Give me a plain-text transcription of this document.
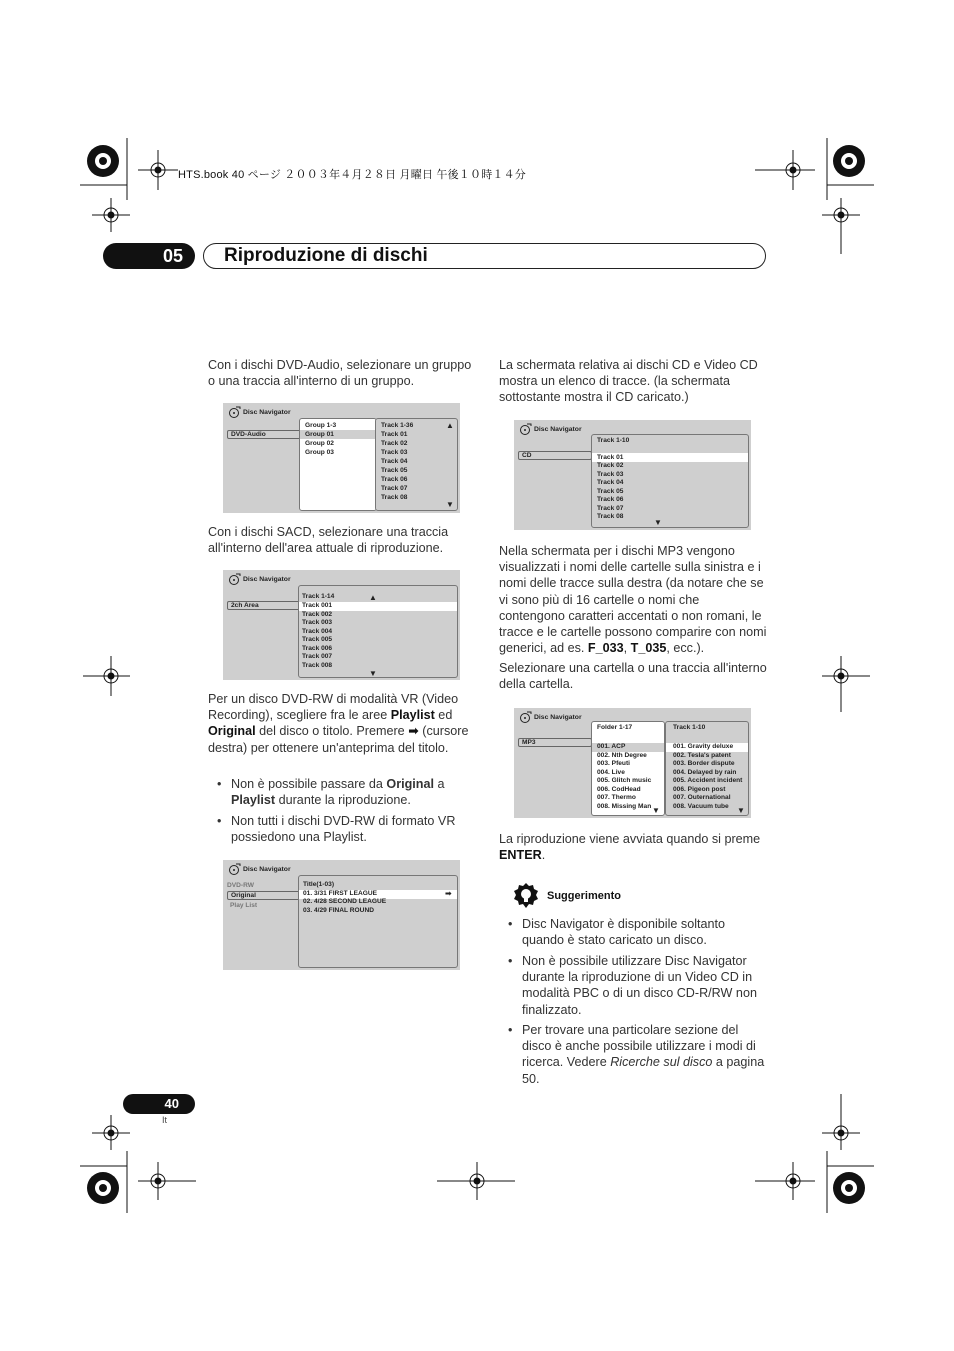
HTS.book 40 ページ ２００３年４月２８日 月曜日 午後１０時１４分
05	Riproduzione di dischi
Con i dischi DVD-Audio, selezionare un gruppo o una traccia all'interno di un gruppo.
Disc Navigator
DVD-Audio
Group 1-3
Group 01
Group 02
Group 03
Track 1-36	▲
Track 01
Track 02
Track 03
Track 04
Track 05
Track 06
Track 07
Track 08
▼
Con i dischi SACD, selezionare una traccia all'interno dell'area attuale di riproduzione.
Disc Navigator
2ch Area
Track 1-14	▲
Track 001
Track 002
Track 003
Track 004
Track 005
Track 006
Track 007
Track 008
▼
Per un disco DVD-RW di modalità VR (Video Recording), scegliere fra le aree Playlist ed Original del disco o titolo. Premere ➡ (cursore destra) per ottenere un'anteprima del titolo.
• Non è possibile passare da Original a Playlist durante la riproduzione.
• Non tutti i dischi DVD-RW di formato VR possiedono una Playlist.
Disc Navigator
DVD-RW
Original
Play List
Title(1-03)
01. 3/31 FIRST LEAGUE	➡
02. 4/28 SECOND LEAGUE
03. 4/29 FINAL ROUND
La schermata relativa ai dischi CD e Video CD mostra un elenco di tracce. (la schermata sottostante mostra il CD caricato.)
Disc Navigator
CD
Track 1-10
Track 01
Track 02
Track 03
Track 04
Track 05
Track 06
Track 07
Track 08
▼
Nella schermata per i dischi MP3 vengono visualizzati i nomi delle cartelle sulla sinistra e i nomi delle tracce sulla destra (da notare che se vi sono più di 16 cartelle o nomi che contengono caratteri accentati o non romani, le tracce e le cartelle possono comparire con nomi generici, ad es. F_033, T_035, ecc.).
Selezionare una cartella o una traccia all'interno della cartella.
Disc Navigator
MP3
Folder 1-17
001. ACP
002. Nth Degree
003. Pfeuti
004. Live
005. Glitch music
006. CodHead
007. Thermo
008. Missing Man ▼
Track 1-10
001. Gravity deluxe
002. Tesla's patent
003. Border dispute
004. Delayed by rain
005. Accident incident
006. Pigeon post
007. Outernational
008. Vacuum tube ▼
La riproduzione viene avviata quando si preme ENTER.
Suggerimento
• Disc Navigator è disponibile soltanto quando è stato caricato un disco.
• Non è possibile utilizzare Disc Navigator durante la riproduzione di un Video CD in modalità PBC o di un disco CD-R/RW non finalizzato.
• Per trovare una particolare sezione del disco è anche possibile utilizzare i modi di ricerca. Vedere Ricerche sul disco a pagina 50.
40
It
